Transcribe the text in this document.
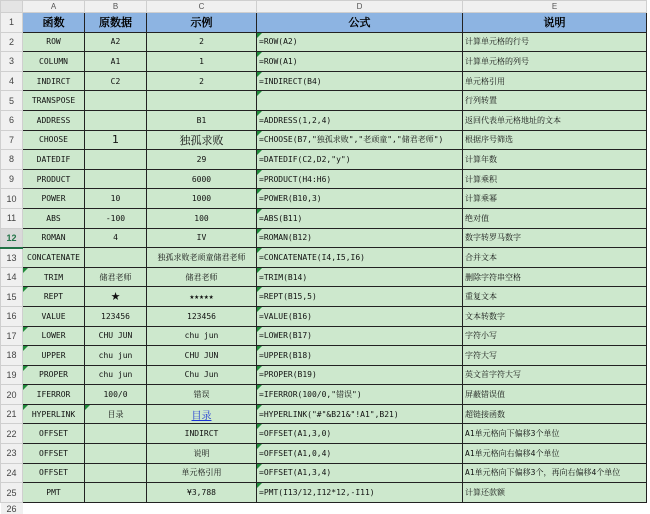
	A	B	C	D	E
1	函数	原数据	示例	公式	说明
2	ROW	A2	2	=ROW(A2)	计算单元格的行号
3	COLUMN	A1	1	=ROW(A1)	计算单元格的列号
4	INDIRCT	C2	2	=INDIRECT(B4)	单元格引用
5	TRANSPOSE				行列转置
6	ADDRESS		B1	=ADDRESS(1,2,4)	返回代表单元格地址的文本
7	CHOOSE	1	独孤求败	=CHOOSE(B7,"独孤求败","老顽童","储君老师")	根据序号筛选
8	DATEDIF		29	=DATEDIF(C2,D2,"y")	计算年数
9	PRODUCT		6000	=PRODUCT(H4:H6)	计算乘积
10	POWER	10	1000	=POWER(B10,3)	计算乘幂
11	ABS	-100	100	=ABS(B11)	绝对值
12	ROMAN	4	IV	=ROMAN(B12)	数字转罗马数字
13	CONCATENATE		独孤求败老顽童储君老师	=CONCATENATE(I4,I5,I6)	合并文本
14	TRIM	储君老师	储君老师	=TRIM(B14)	删除字符串空格
15	REPT	★	★★★★★	=REPT(B15,5)	重复文本
16	VALUE	123456	123456	=VALUE(B16)	文本转数字
17	LOWER	CHU JUN	chu jun	=LOWER(B17)	字符小写
18	UPPER	chu jun	CHU JUN	=UPPER(B18)	字符大写
19	PROPER	chu jun	Chu Jun	=PROPER(B19)	英文首字符大写
20	IFERROR	100/0	错误	=IFERROR(100/0,"错误")	屏蔽错误值
21	HYPERLINK	目录	目录	=HYPERLINK("#"&B21&"!A1",B21)	超链接函数
22	OFFSET		INDIRCT	=OFFSET(A1,3,0)	A1单元格向下偏移3个单位
23	OFFSET		说明	=OFFSET(A1,0,4)	A1单元格向右偏移4个单位
24	OFFSET		单元格引用	=OFFSET(A1,3,4)	A1单元格向下偏移3个，再向右偏移4个单位
25	PMT		¥3,788	=PMT(I13/12,I12*12,-I11)	计算还款额
26					
